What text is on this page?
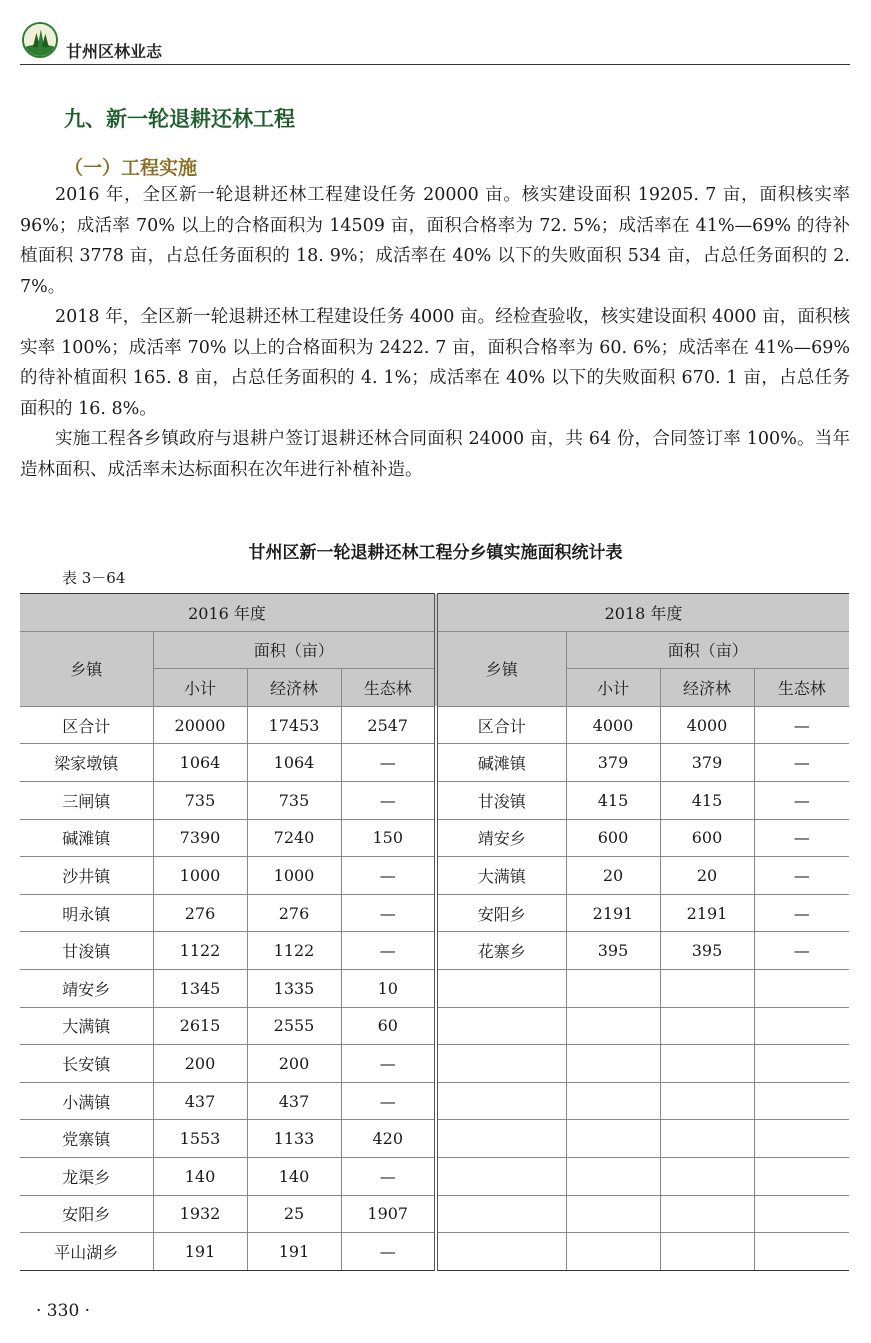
甘州区林业志
九、新一轮退耕还林工程
（一）工程实施

2016 年，全区新一轮退耕还林工程建设任务 20000 亩。核实建设面积 19205. 7 亩，面积核实率 96%；成活率 70% 以上的合格面积为 14509 亩，面积合格率为 72. 5%；成活率在 41%—69% 的待补植面积 3778 亩，占总任务面积的 18. 9%；成活率在 40% 以下的失败面积 534 亩，占总任务面积的 2. 7%。

2018 年，全区新一轮退耕还林工程建设任务 4000 亩。经检查验收，核实建设面积 4000 亩，面积核实率 100%；成活率 70% 以上的合格面积为 2422. 7 亩，面积合格率为 60. 6%；成活率在 41%—69% 的待补植面积 165. 8 亩，占总任务面积的 4. 1%；成活率在 40% 以下的失败面积 670. 1 亩，占总任务面积的 16. 8%。

实施工程各乡镇政府与退耕户签订退耕还林合同面积 24000 亩，共 64 份，合同签订率 100%。当年造林面积、成活率未达标面积在次年进行补植补造。

甘州区新一轮退耕还林工程分乡镇实施面积统计表
表 3－64
2016 年度				2018 年度			
乡镇	面积（亩）			乡镇	面积（亩）		
	小计	经济林	生态林		小计	经济林	生态林
区合计	20000	17453	2547	区合计	4000	4000	—
梁家墩镇	1064	1064	—	碱滩镇	379	379	—
三闸镇	735	735	—	甘浚镇	415	415	—
碱滩镇	7390	7240	150	靖安乡	600	600	—
沙井镇	1000	1000	—	大满镇	20	20	—
明永镇	276	276	—	安阳乡	2191	2191	—
甘浚镇	1122	1122	—	花寨乡	395	395	—
靖安乡	1345	1335	10				
大满镇	2615	2555	60				
长安镇	200	200	—				
小满镇	437	437	—				
党寨镇	1553	1133	420				
龙渠乡	140	140	—				
安阳乡	1932	25	1907				
平山湖乡	191	191	—				
· 330 ·
